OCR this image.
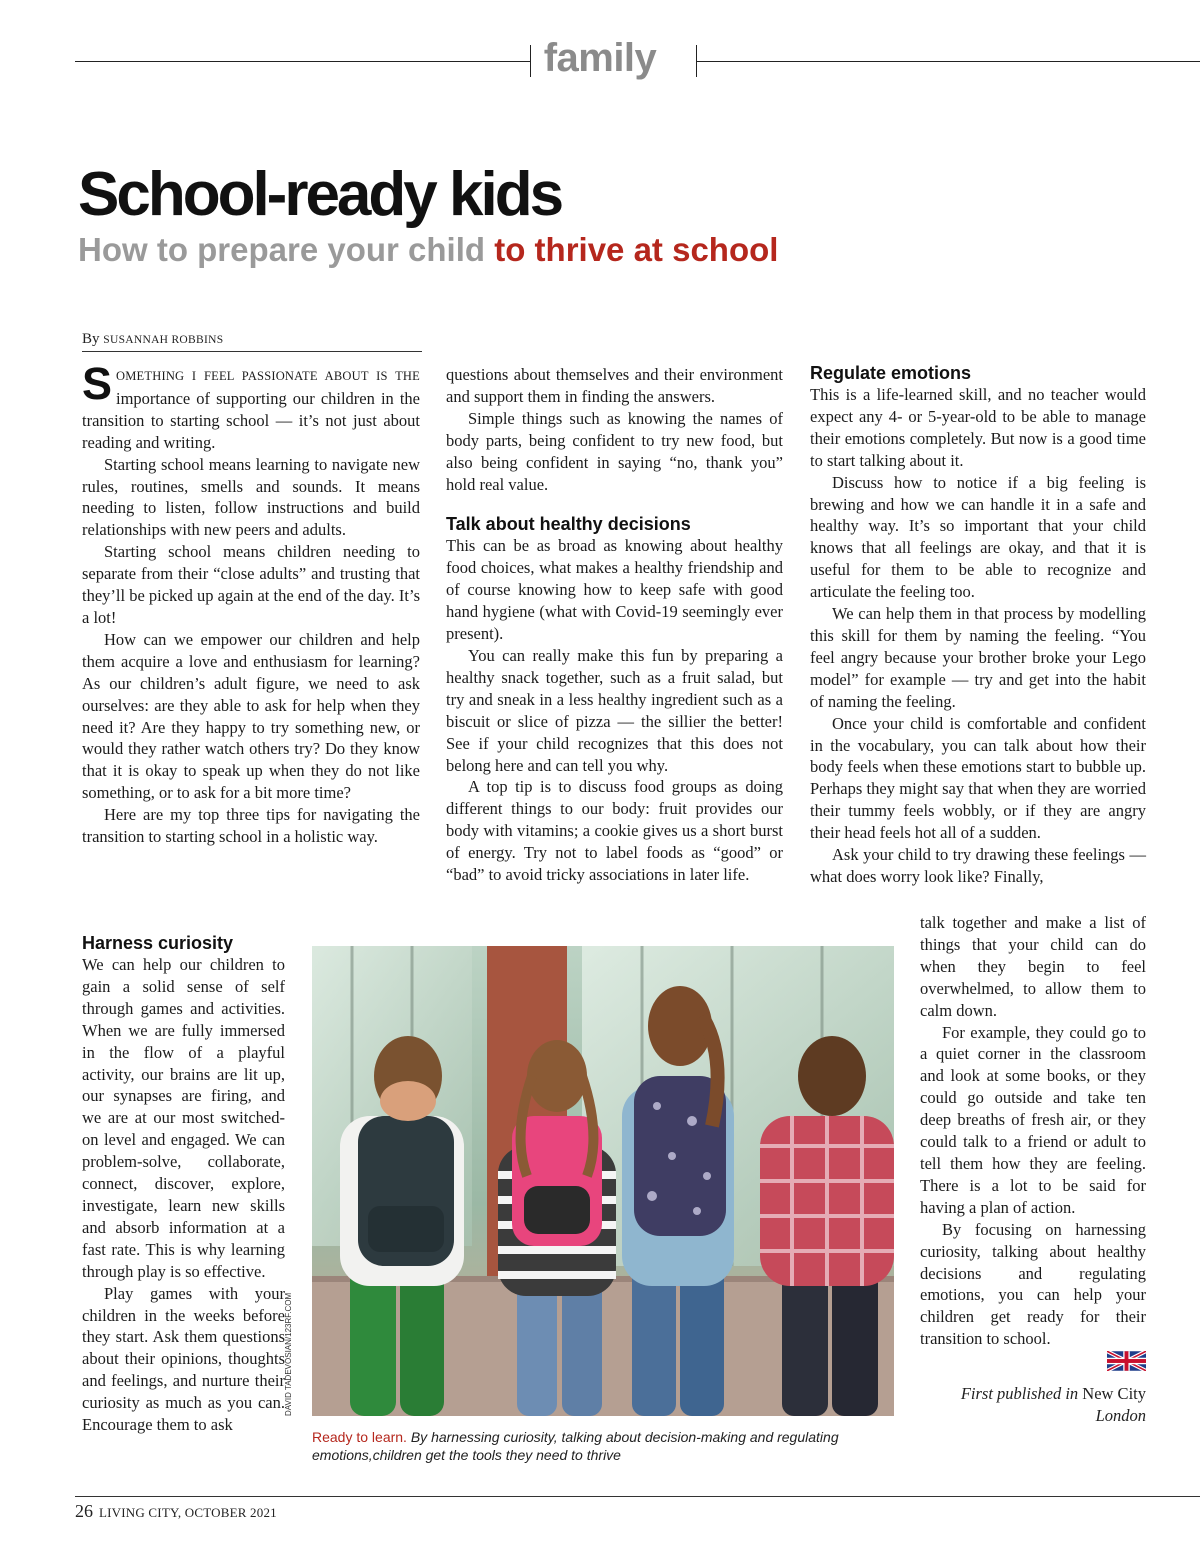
family
School-ready kids
How to prepare your child to thrive at school
By SUSANNAH ROBBINS

SOMETHING I FEEL PASSIONATE ABOUT IS THE importance of supporting our children in the transition to starting school — it’s not just about reading and writing.

Starting school means learning to navigate new rules, routines, smells and sounds. It means needing to listen, follow instructions and build relationships with new peers and adults.

Starting school means children needing to separate from their “close adults” and trusting that they’ll be picked up again at the end of the day. It’s a lot!

How can we empower our children and help them acquire a love and enthusiasm for learning? As our children’s adult figure, we need to ask ourselves: are they able to ask for help when they need it? Are they happy to try something new, or would they rather watch others try? Do they know that it is okay to speak up when they do not like something, or to ask for a bit more time?

Here are my top three tips for navigating the transition to starting school in a holistic way.

Harness curiosity

We can help our children to gain a solid sense of self through games and activities. When we are fully immersed in the flow of a playful activity, our brains are lit up, our synapses are firing, and we are at our most switched-on level and engaged. We can problem-solve, collaborate, connect, discover, explore, investigate, learn new skills and absorb information at a fast rate. This is why learning through play is so effective.

Play games with your children in the weeks before they start. Ask them questions about their opinions, thoughts and feelings, and nurture their curiosity as much as you can. Encourage them to ask

questions about themselves and their environment and support them in finding the answers.

Simple things such as knowing the names of body parts, being confident to try new food, but also being confident in saying “no, thank you” hold real value.

Talk about healthy decisions

This can be as broad as knowing about healthy food choices, what makes a healthy friendship and of course knowing how to keep safe with good hand hygiene (what with Covid-19 seemingly ever present).

You can really make this fun by preparing a healthy snack together, such as a fruit salad, but try and sneak in a less healthy ingredient such as a biscuit or slice of pizza — the sillier the better! See if your child recognizes that this does not belong here and can tell you why.

A top tip is to discuss food groups as doing different things to our body: fruit provides our body with vitamins; a cookie gives us a short burst of energy. Try not to label foods as “good” or “bad” to avoid tricky associations in later life.

Regulate emotions

This is a life-learned skill, and no teacher would expect any 4- or 5-year-old to be able to manage their emotions completely. But now is a good time to start talking about it.

Discuss how to notice if a big feeling is brewing and how we can handle it in a safe and healthy way. It’s so important that your child knows that all feelings are okay, and that it is useful for them to be able to recognize and articulate the feeling too.

We can help them in that process by modelling this skill for them by naming the feeling. “You feel angry because your brother broke your Lego model” for example — try and get into the habit of naming the feeling.

Once your child is comfortable and confident in the vocabulary, you can talk about how their body feels when these emotions start to bubble up. Perhaps they might say that when they are worried their tummy feels wobbly, or if they are angry their head feels hot all of a sudden.

Ask your child to try drawing these feelings — what does worry look like? Finally,

talk together and make a list of things that your child can do when they begin to feel overwhelmed, to allow them to calm down.

For example, they could go to a quiet corner in the classroom and look at some books, or they could go outside and take ten deep breaths of fresh air, or they could talk to a friend or adult to tell them how they are feeling. There is a lot to be said for having a plan of action.

By focusing on harnessing curiosity, talking about healthy decisions and regulating emotions, you can help your children get ready for their transition to school.

First published in New City
London
DAVID TADEVOSIAN/123RF.COM
Ready to learn. By harnessing curiosity, talking about decision-making and regulating emotions,children get the tools they need to thrive
26 LIVING CITY, OCTOBER 2021
